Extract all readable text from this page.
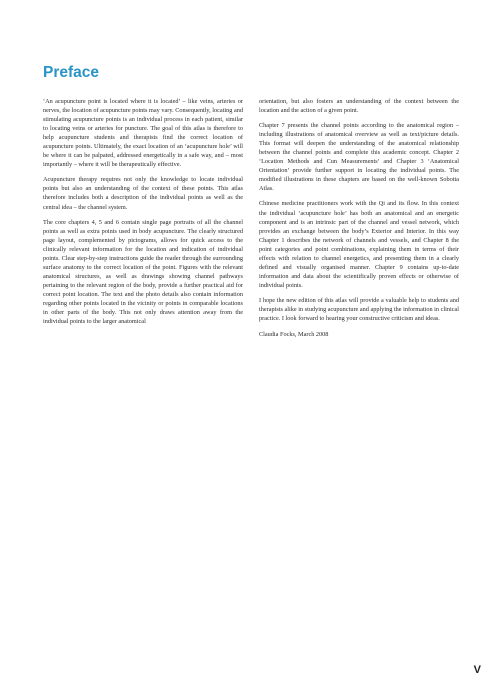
Preface

‘An acupuncture point is located where it is located’ – like veins, arteries or nerves, the location of acupuncture points may vary. Consequently, locating and stimulating acupuncture points is an individual process in each patient, similar to locating veins or arteries for puncture. The goal of this atlas is therefore to help acupuncture students and therapists find the correct location of acupuncture points. Ultimately, the exact location of an ‘acupuncture hole’ will be where it can be palpated, addressed energetically in a safe way, and – most importantly – where it will be therapeutically effective.

Acupuncture therapy requires not only the knowledge to locate individual points but also an understanding of the context of these points. This atlas therefore includes both a description of the individual points as well as the central idea – the channel system.

The core chapters 4, 5 and 6 contain single page portraits of all the channel points as well as extra points used in body acupuncture. The clearly structured page layout, complemented by pictograms, allows for quick access to the clinically relevant information for the location and indication of individual points. Clear step-by-step instructions guide the reader through the surrounding surface anatomy to the correct location of the point. Figures with the relevant anatomical structures, as well as drawings showing channel pathways pertaining to the relevant region of the body, provide a further practical aid for correct point location. The text and the photo details also contain information regarding other points located in the vicinity or points in comparable locations in other parts of the body. This not only draws attention away from the individual points to the larger anatomical

orientation, but also fosters an understanding of the context between the location and the action of a given point.

Chapter 7 presents the channel points according to the anatomical region – including illustrations of anatomical overview as well as text/picture details. This format will deepen the understanding of the anatomical relationship between the channel points and complete this academic concept. Chapter 2 ‘Location Methods and Cun Measurements’ and Chapter 3 ‘Anatomical Orientation’ provide further support in locating the individual points. The modified illustrations in these chapters are based on the well-known Sobotta Atlas.

Chinese medicine practitioners work with the Qi and its flow. In this context the individual ‘acupuncture hole’ has both an anatomical and an energetic component and is an intrinsic part of the channel and vessel network, which provides an exchange between the body’s Exterior and Interior. In this way Chapter 1 describes the network of channels and vessels, and Chapter 8 the point categories and point combinations, explaining them in terms of their effects with relation to channel energetics, and presenting them in a clearly defined and visually organised manner. Chapter 9 contains up-to-date information and data about the scientifically proven effects or otherwise of individual points.

I hope the new edition of this atlas will provide a valuable help to students and therapists alike in studying acupuncture and applying the information in clinical practice. I look forward to hearing your constructive criticism and ideas.

Claudia Focks, March 2008

V
